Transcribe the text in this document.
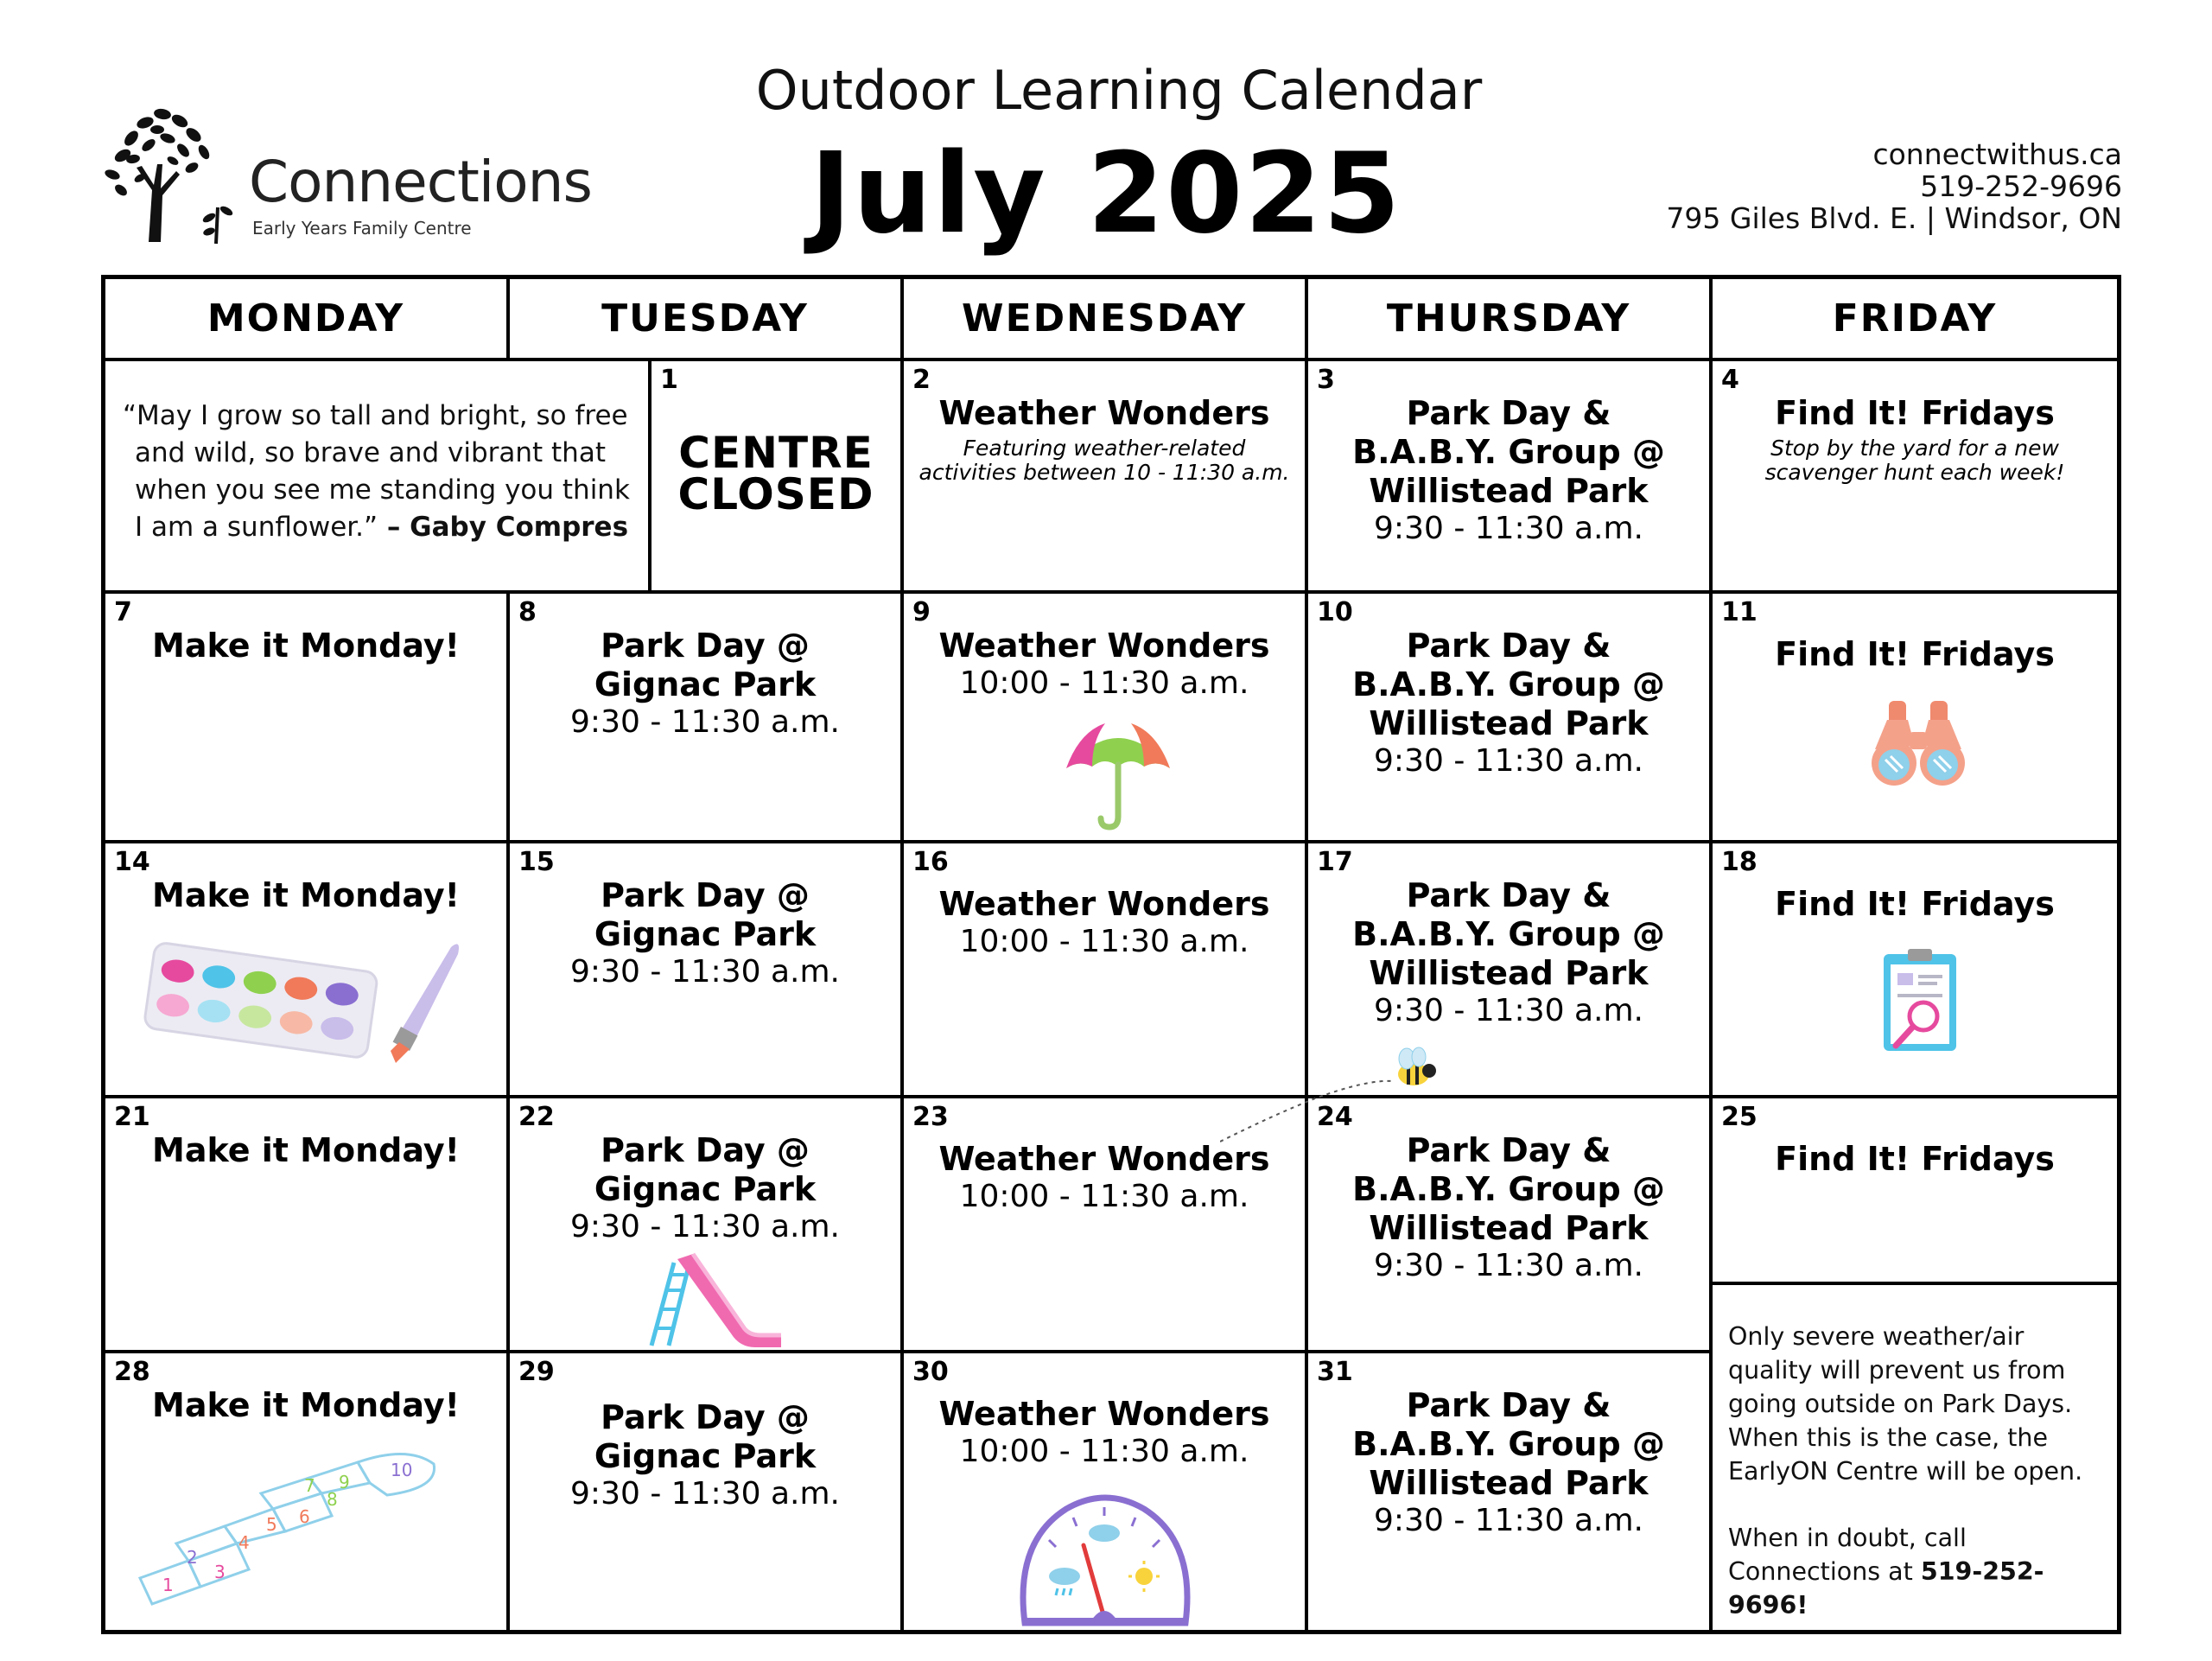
Connections
Early Years Family Centre
Outdoor Learning Calendar
July 2025	connectwithus.ca
519-252-9696
795 Giles Blvd. E. | Windsor, ON
MONDAY	TUESDAY	WEDNESDAY	THURSDAY	FRIDAY
“May I grow so tall and bright, so free and wild, so brave and vibrant that when you see me standing you think I am a sunflower.” – Gaby Compres
1
CENTRE
CLOSED
2
Weather Wonders
Featuring weather-related
activities between 10 - 11:30 a.m.
3
Park Day &
B.A.B.Y. Group @
Willistead Park
9:30 - 11:30 a.m.
4
Find It! Fridays
Stop by the yard for a new
scavenger hunt each week!
7
Make it Monday!
8
Park Day @
Gignac Park
9:30 - 11:30 a.m.
9
Weather Wonders
10:00 - 11:30 a.m.
10
Park Day &
B.A.B.Y. Group @
Willistead Park
9:30 - 11:30 a.m.
11
Find It! Fridays
14
Make it Monday!
15
Park Day @
Gignac Park
9:30 - 11:30 a.m.
16
Weather Wonders
10:00 - 11:30 a.m.
17
Park Day &
B.A.B.Y. Group @
Willistead Park
9:30 - 11:30 a.m.
18
Find It! Fridays
21
Make it Monday!
22
Park Day @
Gignac Park
9:30 - 11:30 a.m.
23
Weather Wonders
10:00 - 11:30 a.m.
24
Park Day &
B.A.B.Y. Group @
Willistead Park
9:30 - 11:30 a.m.
25
Find It! Fridays
28
Make it Monday!
1
2
3
4
5 6
7
8
9
10
29
Park Day @
Gignac Park
9:30 - 11:30 a.m.
30
Weather Wonders
10:00 - 11:30 a.m.
31
Park Day &
B.A.B.Y. Group @
Willistead Park
9:30 - 11:30 a.m.

Only severe weather/air quality will prevent us from going outside on Park Days. When this is the case, the EarlyON Centre will be open.

When in doubt, call Connections at 519-252-9696!
